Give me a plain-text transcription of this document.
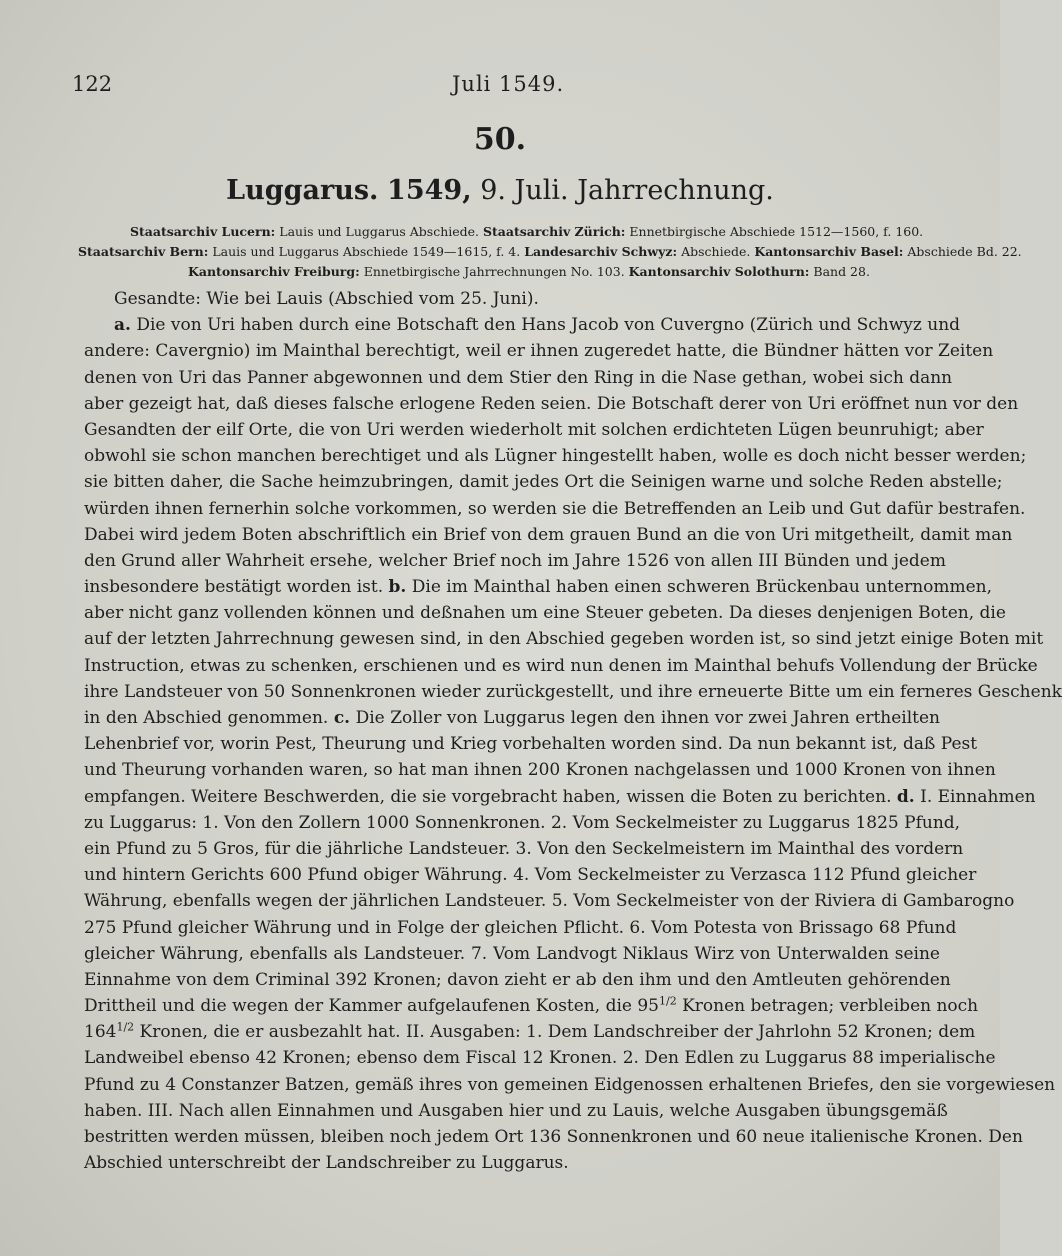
122	Juli 1549.
50.
Luggarus. 1549, 9. Juli. Jahrrechnung.
Staatsarchiv Lucern: Lauis und Luggarus Abschiede. Staatsarchiv Zürich: Ennetbirgische Abschiede 1512—1560, f. 160.
Staatsarchiv Bern: Lauis und Luggarus Abschiede 1549—1615, f. 4. Landesarchiv Schwyz: Abschiede. Kantonsarchiv Basel: Abschiede Bd. 22.
Kantonsarchiv Freiburg: Ennetbirgische Jahrrechnungen No. 103. Kantonsarchiv Solothurn: Band 28.
Gesandte: Wie bei Lauis (Abschied vom 25. Juni).
a. Die von Uri haben durch eine Botschaft den Hans Jacob von Cuvergno (Zürich und Schwyz und
andere: Cavergnio) im Mainthal berechtigt, weil er ihnen zugeredet hatte, die Bündner hätten vor Zeiten
denen von Uri das Panner abgewonnen und dem Stier den Ring in die Nase gethan, wobei sich dann
aber gezeigt hat, daß dieses falsche erlogene Reden seien. Die Botschaft derer von Uri eröffnet nun vor den
Gesandten der eilf Orte, die von Uri werden wiederholt mit solchen erdichteten Lügen beunruhigt; aber
obwohl sie schon manchen berechtiget und als Lügner hingestellt haben, wolle es doch nicht besser werden;
sie bitten daher, die Sache heimzubringen, damit jedes Ort die Seinigen warne und solche Reden abstelle;
würden ihnen fernerhin solche vorkommen, so werden sie die Betreffenden an Leib und Gut dafür bestrafen.
Dabei wird jedem Boten abschriftlich ein Brief von dem grauen Bund an die von Uri mitgetheilt, damit man
den Grund aller Wahrheit ersehe, welcher Brief noch im Jahre 1526 von allen III Bünden und jedem
insbesondere bestätigt worden ist. b. Die im Mainthal haben einen schweren Brückenbau unternommen,
aber nicht ganz vollenden können und deßnahen um eine Steuer gebeten. Da dieses denjenigen Boten, die
auf der letzten Jahrrechnung gewesen sind, in den Abschied gegeben worden ist, so sind jetzt einige Boten mit
Instruction, etwas zu schenken, erschienen und es wird nun denen im Mainthal behufs Vollendung der Brücke
ihre Landsteuer von 50 Sonnenkronen wieder zurückgestellt, und ihre erneuerte Bitte um ein ferneres Geschenk
in den Abschied genommen. c. Die Zoller von Luggarus legen den ihnen vor zwei Jahren ertheilten
Lehenbrief vor, worin Pest, Theurung und Krieg vorbehalten worden sind. Da nun bekannt ist, daß Pest
und Theurung vorhanden waren, so hat man ihnen 200 Kronen nachgelassen und 1000 Kronen von ihnen
empfangen. Weitere Beschwerden, die sie vorgebracht haben, wissen die Boten zu berichten. d. I. Einnahmen
zu Luggarus: 1. Von den Zollern 1000 Sonnenkronen. 2. Vom Seckelmeister zu Luggarus 1825 Pfund,
ein Pfund zu 5 Gros, für die jährliche Landsteuer. 3. Von den Seckelmeistern im Mainthal des vordern
und hintern Gerichts 600 Pfund obiger Währung. 4. Vom Seckelmeister zu Verzasca 112 Pfund gleicher
Währung, ebenfalls wegen der jährlichen Landsteuer. 5. Vom Seckelmeister von der Riviera di Gambarogno
275 Pfund gleicher Währung und in Folge der gleichen Pflicht. 6. Vom Potesta von Brissago 68 Pfund
gleicher Währung, ebenfalls als Landsteuer. 7. Vom Landvogt Niklaus Wirz von Unterwalden seine
Einnahme von dem Criminal 392 Kronen; davon zieht er ab den ihm und den Amtleuten gehörenden
Drittheil und die wegen der Kammer aufgelaufenen Kosten, die $95^{1/2}$ Kronen betragen; verbleiben noch
$164^{1/2}$ Kronen, die er ausbezahlt hat. II. Ausgaben: 1. Dem Landschreiber der Jahrlohn 52 Kronen; dem
Landweibel ebenso 42 Kronen; ebenso dem Fiscal 12 Kronen. 2. Den Edlen zu Luggarus 88 imperialische
Pfund zu 4 Constanzer Batzen, gemäß ihres von gemeinen Eidgenossen erhaltenen Briefes, den sie vorgewiesen
haben. III. Nach allen Einnahmen und Ausgaben hier und zu Lauis, welche Ausgaben übungsgemäß
bestritten werden müssen, bleiben noch jedem Ort 136 Sonnenkronen und 60 neue italienische Kronen. Den
Abschied unterschreibt der Landschreiber zu Luggarus.
